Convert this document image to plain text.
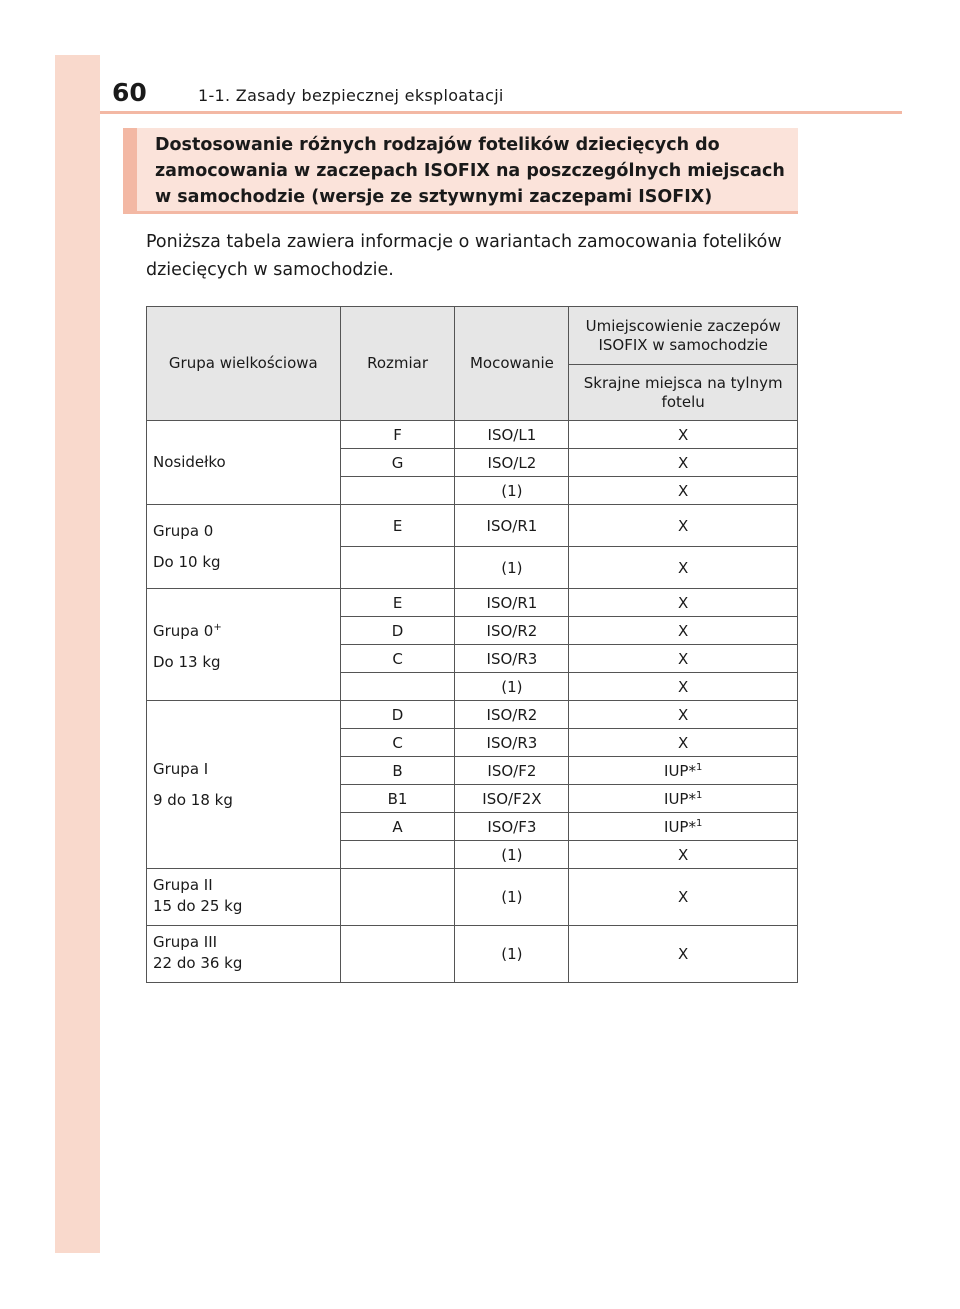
60	1-1. Zasady bezpiecznej eksploatacji
Dostosowanie różnych rodzajów fotelików dziecięcych do zamocowania w zaczepach ISOFIX na poszczególnych miejscach w samochodzie (wersje ze sztywnymi zaczepami ISOFIX)
Poniższa tabela zawiera informacje o wariantach zamocowania fotelików dziecięcych w samochodzie.
Grupa wielkościowa	Rozmiar	Mocowanie	Umiejscowienie zaczepów ISOFIX w samochodzie
			Skrajne miejsca na tylnym fotelu

Nosidełko	F	ISO/L1	X
	G	ISO/L2	X
		(1)	X

Grupa 0
Do 10 kg	E	ISO/R1	X
		(1)	X

Grupa 0+
Do 13 kg	E	ISO/R1	X
	D	ISO/R2	X
	C	ISO/R3	X
		(1)	X

Grupa I
9 do 18 kg	D	ISO/R2	X
	C	ISO/R3	X
	B	ISO/F2	IUP*$^1$
	B1	ISO/F2X	IUP*$^1$
	A	ISO/F3	IUP*$^1$
		(1)	X

Grupa II
15 do 25 kg		(1)	X

Grupa III
22 do 36 kg		(1)	X
